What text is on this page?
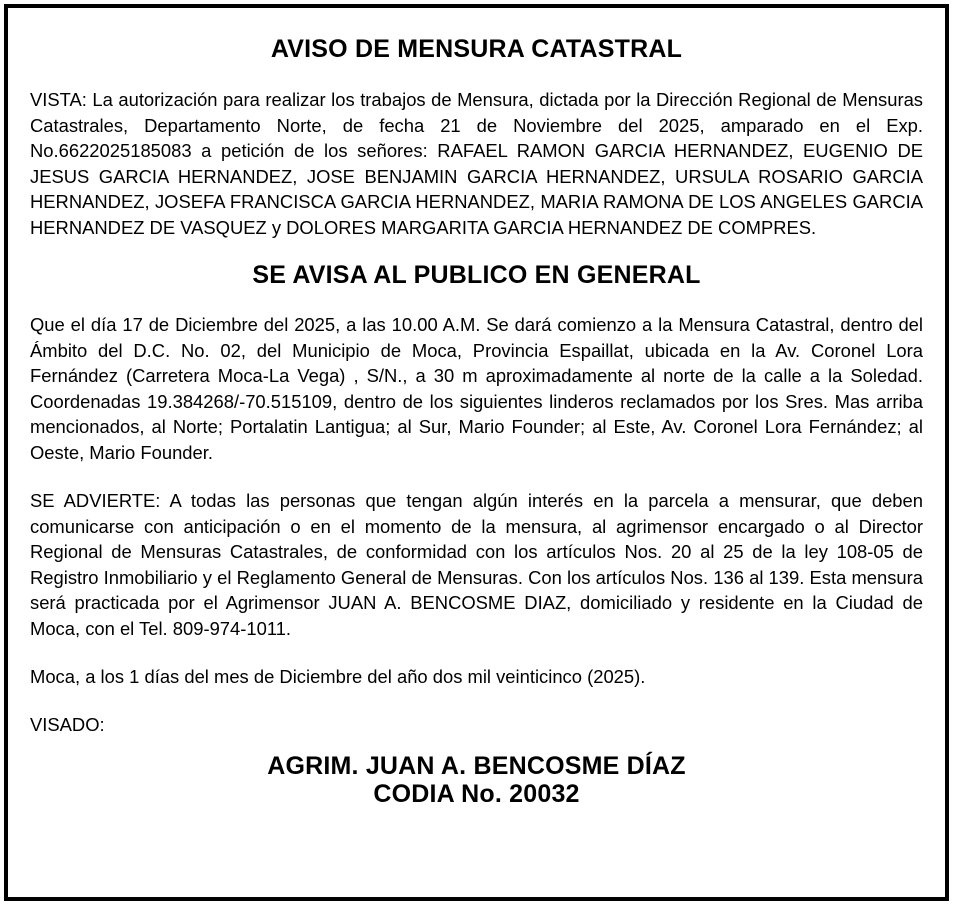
AVISO DE MENSURA CATASTRAL

VISTA: La autorización para realizar los trabajos de Mensura, dictada por la Dirección Regional de Mensuras Catastrales, Departamento Norte, de fecha 21 de Noviembre del 2025, amparado en el Exp. No.6622025185083 a petición de los señores: RAFAEL RAMON GARCIA HERNANDEZ, EUGENIO DE JESUS GARCIA HERNANDEZ, JOSE BENJAMIN GARCIA HERNANDEZ, URSULA ROSARIO GARCIA HERNANDEZ, JOSEFA FRANCISCA GARCIA HERNANDEZ, MARIA RAMONA DE LOS ANGELES GARCIA HERNANDEZ DE VASQUEZ y DOLORES MARGARITA GARCIA HERNANDEZ DE COMPRES.

SE AVISA AL PUBLICO EN GENERAL

Que el día 17 de Diciembre del 2025, a las 10.00 A.M. Se dará comienzo a la Mensura Catastral, dentro del Ámbito del D.C. No. 02, del Municipio de Moca, Provincia Espaillat, ubicada en la Av. Coronel Lora Fernández (Carretera Moca-La Vega) , S/N., a 30 m aproximadamente al norte de la calle a la Soledad. Coordenadas 19.384268/-70.515109, dentro de los siguientes linderos reclamados por los Sres. Mas arriba mencionados, al Norte; Portalatin Lantigua; al Sur, Mario Founder; al Este, Av. Coronel Lora Fernández; al Oeste, Mario Founder.

SE ADVIERTE: A todas las personas que tengan algún interés en la parcela a mensurar, que deben comunicarse con anticipación o en el momento de la mensura, al agrimensor encargado o al Director Regional de Mensuras Catastrales, de conformidad con los artículos Nos. 20 al 25 de la ley 108-05 de Registro Inmobiliario y el Reglamento General de Mensuras. Con los artículos Nos. 136 al 139. Esta mensura será practicada por el Agrimensor JUAN A. BENCOSME DIAZ, domiciliado y residente en la Ciudad de Moca, con el Tel. 809-974-1011.

Moca, a los 1 días del mes de Diciembre del año dos mil veinticinco (2025).

VISADO:

AGRIM. JUAN A. BENCOSME DÍAZ
CODIA No. 20032
